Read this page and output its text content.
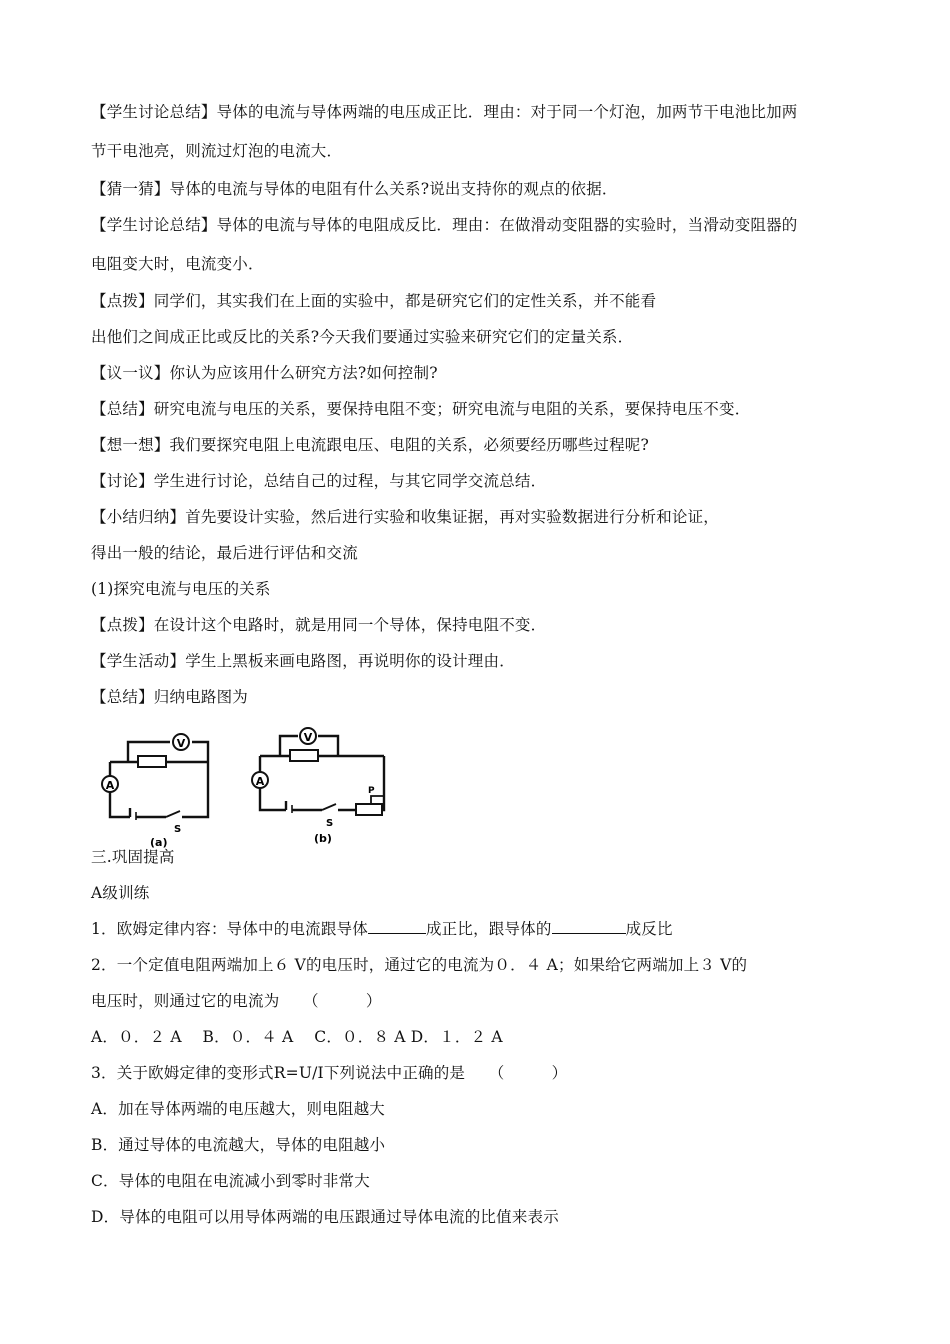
【学生讨论总结】导体的电流与导体两端的电压成正比．理由：对于同一个灯泡，加两节干电池比加两
节干电池亮，则流过灯泡的电流大．
【猜一猜】导体的电流与导体的电阻有什么关系?说出支持你的观点的依据．
【学生讨论总结】导体的电流与导体的电阻成反比．理由：在做滑动变阻器的实验时，当滑动变阻器的
电阻变大时，电流变小．
【点拨】同学们，其实我们在上面的实验中，都是研究它们的定性关系，并不能看
出他们之间成正比或反比的关系?今天我们要通过实验来研究它们的定量关系．
【议一议】你认为应该用什么研究方法?如何控制?
【总结】研究电流与电压的关系，要保持电阻不变；研究电流与电阻的关系，要保持电压不变．
【想一想】我们要探究电阻上电流跟电压、电阻的关系，必须要经历哪些过程呢?
【讨论】学生进行讨论，总结自己的过程，与其它同学交流总结．
【小结归纳】首先要设计实验，然后进行实验和收集证据，再对实验数据进行分析和论证，
得出一般的结论，最后进行评估和交流
(1)探究电流与电压的关系
【点拨】在设计这个电路时，就是用同一个导体，保持电阻不变．
【学生活动】学生上黑板来画电路图，再说明你的设计理由．
【总结】归纳电路图为
V
A
S
(a)
V
A
S
P
(b)
三.巩固提高
A级训练
1．欧姆定律内容：导体中的电流跟导体	成正比，跟导体的	成反比
2．一个定值电阻两端加上６ V的电压时，通过它的电流为０．４ A；如果给它两端加上３ V的
电压时，则通过它的电流为　　（　　　）
A．０．２ A　 B．０．４ A　 C．０．８ A D．１．２ A
3．关于欧姆定律的变形式R=U/I下列说法中正确的是　　（　　　）
A．加在导体两端的电压越大，则电阻越大
B．通过导体的电流越大，导体的电阻越小
C．导体的电阻在电流减小到零时非常大
D．导体的电阻可以用导体两端的电压跟通过导体电流的比值来表示
